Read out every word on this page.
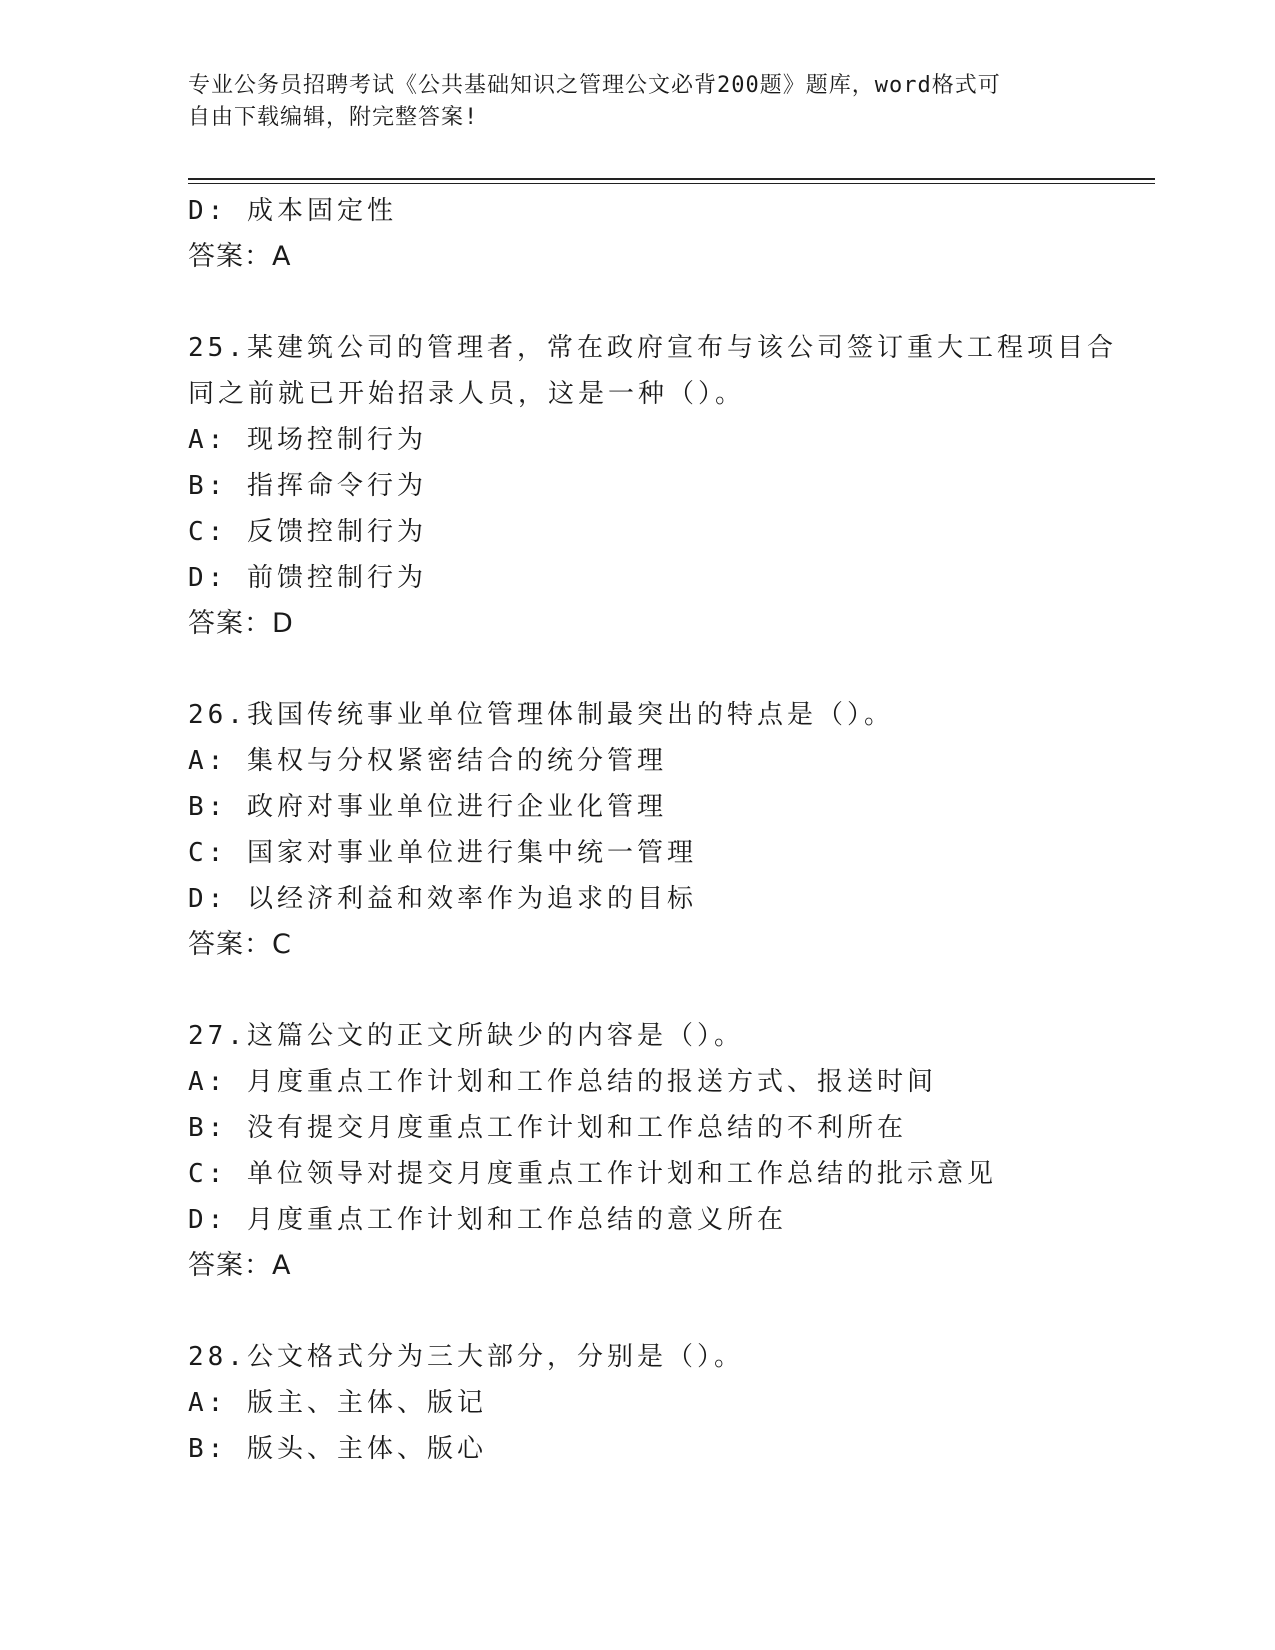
专业公务员招聘考试《公共基础知识之管理公文必背200题》题库，word格式可
自由下载编辑，附完整答案!
D: 成本固定性
答案：A
25.某建筑公司的管理者，常在政府宣布与该公司签订重大工程项目合
同之前就已开始招录人员，这是一种（）。
A: 现场控制行为
B: 指挥命令行为
C: 反馈控制行为
D: 前馈控制行为
答案：D
26.我国传统事业单位管理体制最突出的特点是（）。
A: 集权与分权紧密结合的统分管理
B: 政府对事业单位进行企业化管理
C: 国家对事业单位进行集中统一管理
D: 以经济利益和效率作为追求的目标
答案：C
27.这篇公文的正文所缺少的内容是（）。
A: 月度重点工作计划和工作总结的报送方式、报送时间
B: 没有提交月度重点工作计划和工作总结的不利所在
C: 单位领导对提交月度重点工作计划和工作总结的批示意见
D: 月度重点工作计划和工作总结的意义所在
答案：A
28.公文格式分为三大部分，分别是（）。
A: 版主、主体、版记
B: 版头、主体、版心
